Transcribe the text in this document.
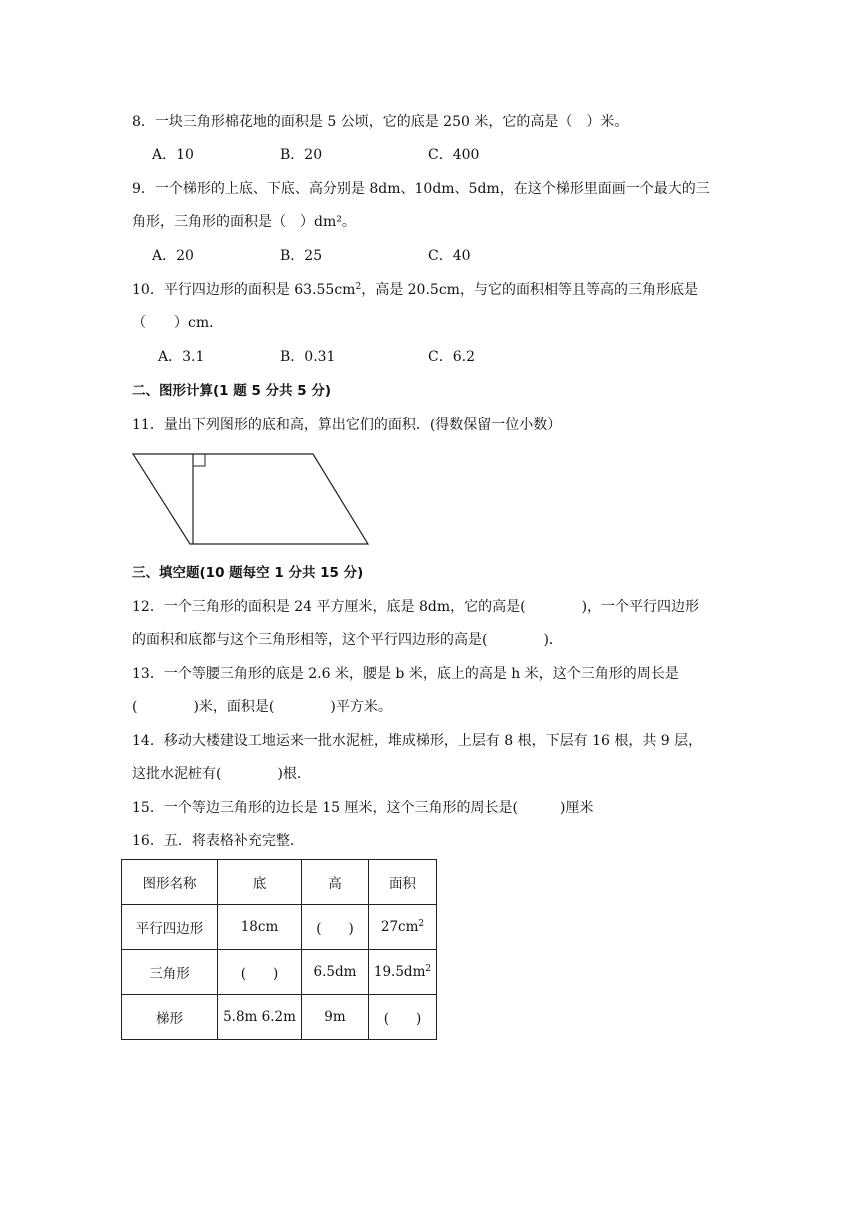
8．一块三角形棉花地的面积是 5 公顷，它的底是 250 米，它的高是（　）米。
A．10	B．20	C．400
9．一个梯形的上底、下底、高分别是 8dm、10dm、5dm，在这个梯形里面画一个最大的三
角形，三角形的面积是（　）dm²。
A．20	B．25	C．40
10．平行四边形的面积是 $63.55cm^2$，高是 20.5cm，与它的面积相等且等高的三角形底是
（　　）cm．
A．3.1	B．0.31	C．6.2
二、图形计算(1 题 5 分共 5 分)
11．量出下列图形的底和高，算出它们的面积．(得数保留一位小数）
三、填空题(10 题每空 1 分共 15 分)
12．一个三角形的面积是 24 平方厘米，底是 8dm，它的高是(　　　　)，一个平行四边形
的面积和底都与这个三角形相等，这个平行四边形的高是(　　　　)．
13．一个等腰三角形的底是 2.6 米，腰是 b 米，底上的高是 h 米，这个三角形的周长是
(　　　　)米，面积是(　　　　)平方米。
14．移动大楼建设工地运来一批水泥桩，堆成梯形，上层有 8 根，下层有 16 根，共 9 层，
这批水泥桩有(　　　　)根．
15．一个等边三角形的边长是 15 厘米，这个三角形的周长是(　　　)厘米
16．五．将表格补充完整．
图形名称	底	高	面积
平行四边形	18cm	(　　)	$27cm^2$
三角形	(　　)	6.5dm	$19.5dm^2$
梯形	5.8m 6.2m	9m	(　　)
